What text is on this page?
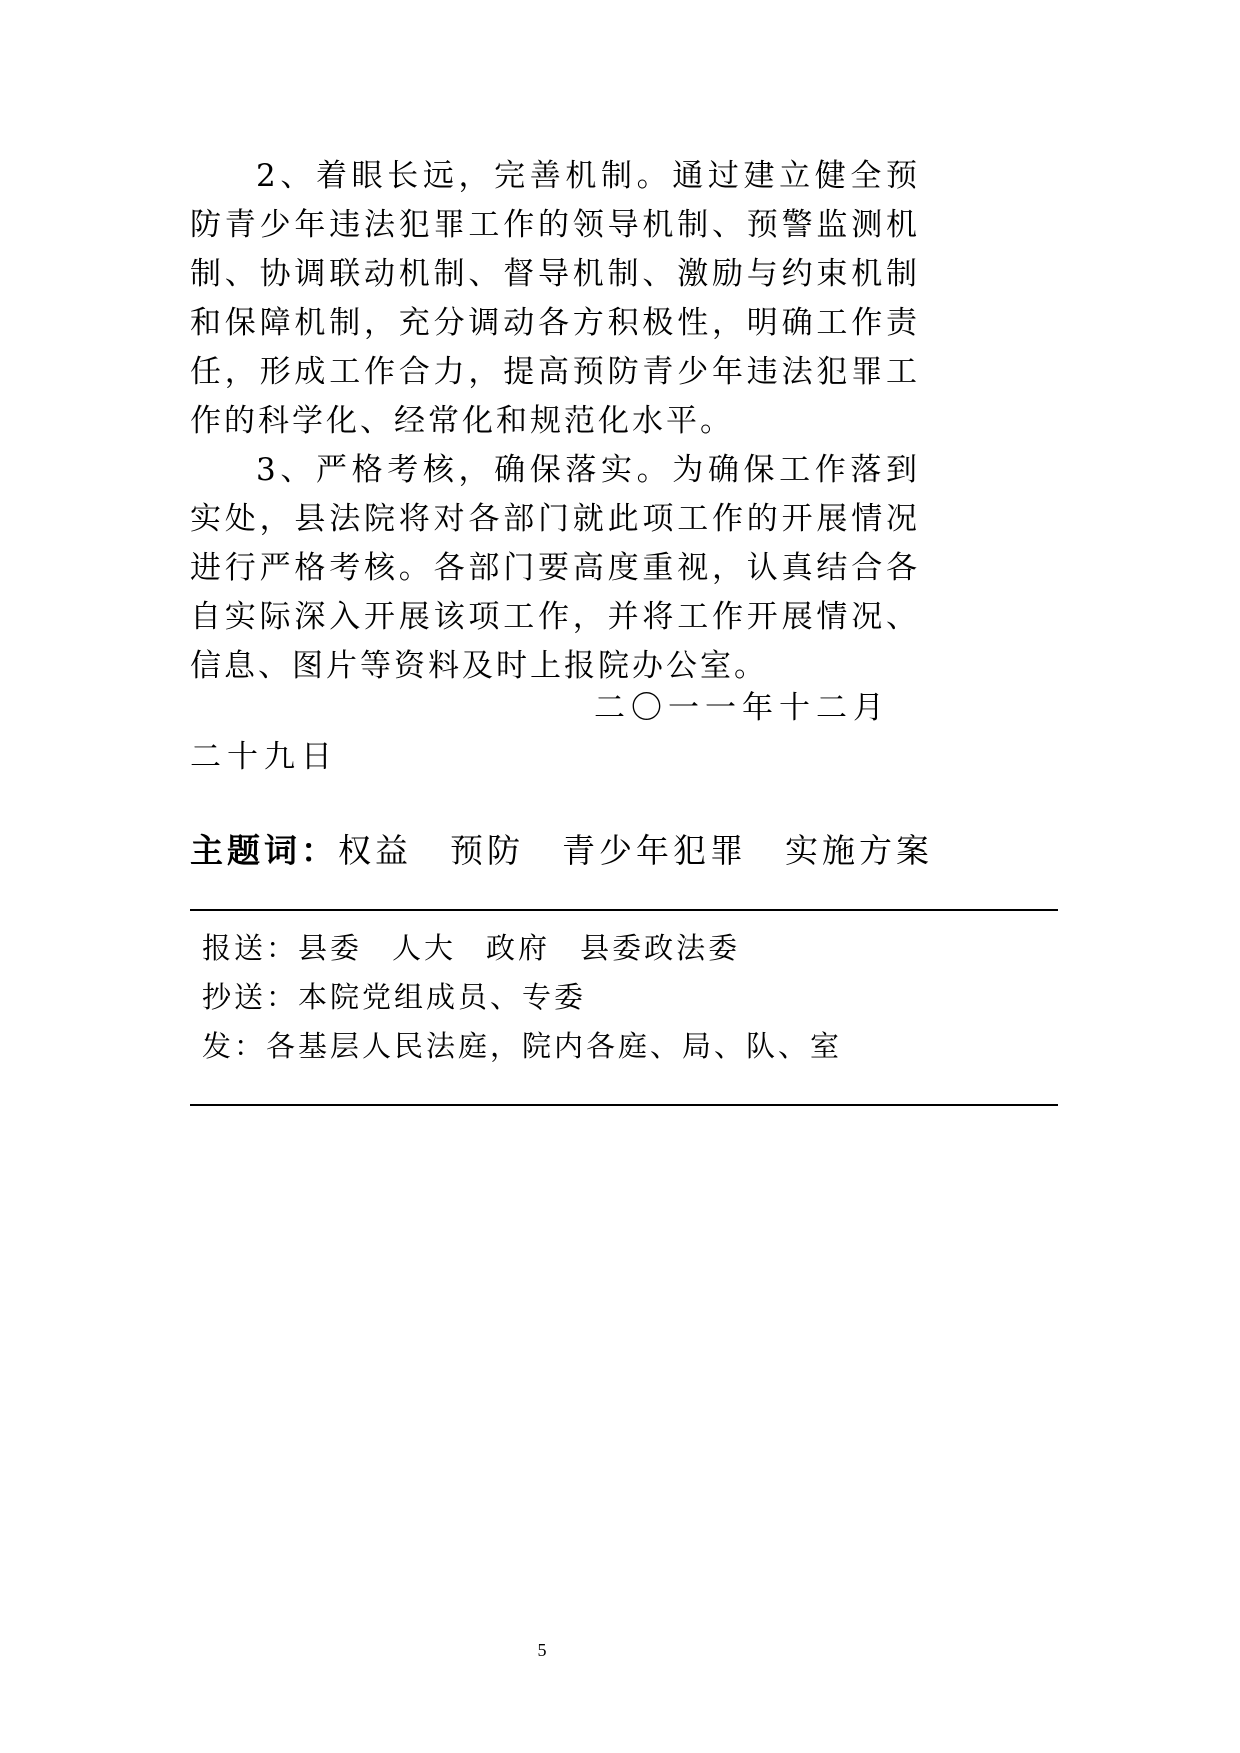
2、着眼长远，完善机制。通过建立健全预防青少年违法犯罪工作的领导机制、预警监测机制、协调联动机制、督导机制、激励与约束机制和保障机制，充分调动各方积极性，明确工作责任，形成工作合力，提高预防青少年违法犯罪工作的科学化、经常化和规范化水平。

3、严格考核，确保落实。为确保工作落到实处，县法院将对各部门就此项工作的开展情况进行严格考核。各部门要高度重视，认真结合各自实际深入开展该项工作，并将工作开展情况、信息、图片等资料及时上报院办公室。

二〇一一年十二月
二十九日
主题词：权益 预防 青少年犯罪 实施方案
报送：县委 人大 政府 县委政法委
抄送：本院党组成员、专委
发：各基层人民法庭，院内各庭、局、队、室
5
